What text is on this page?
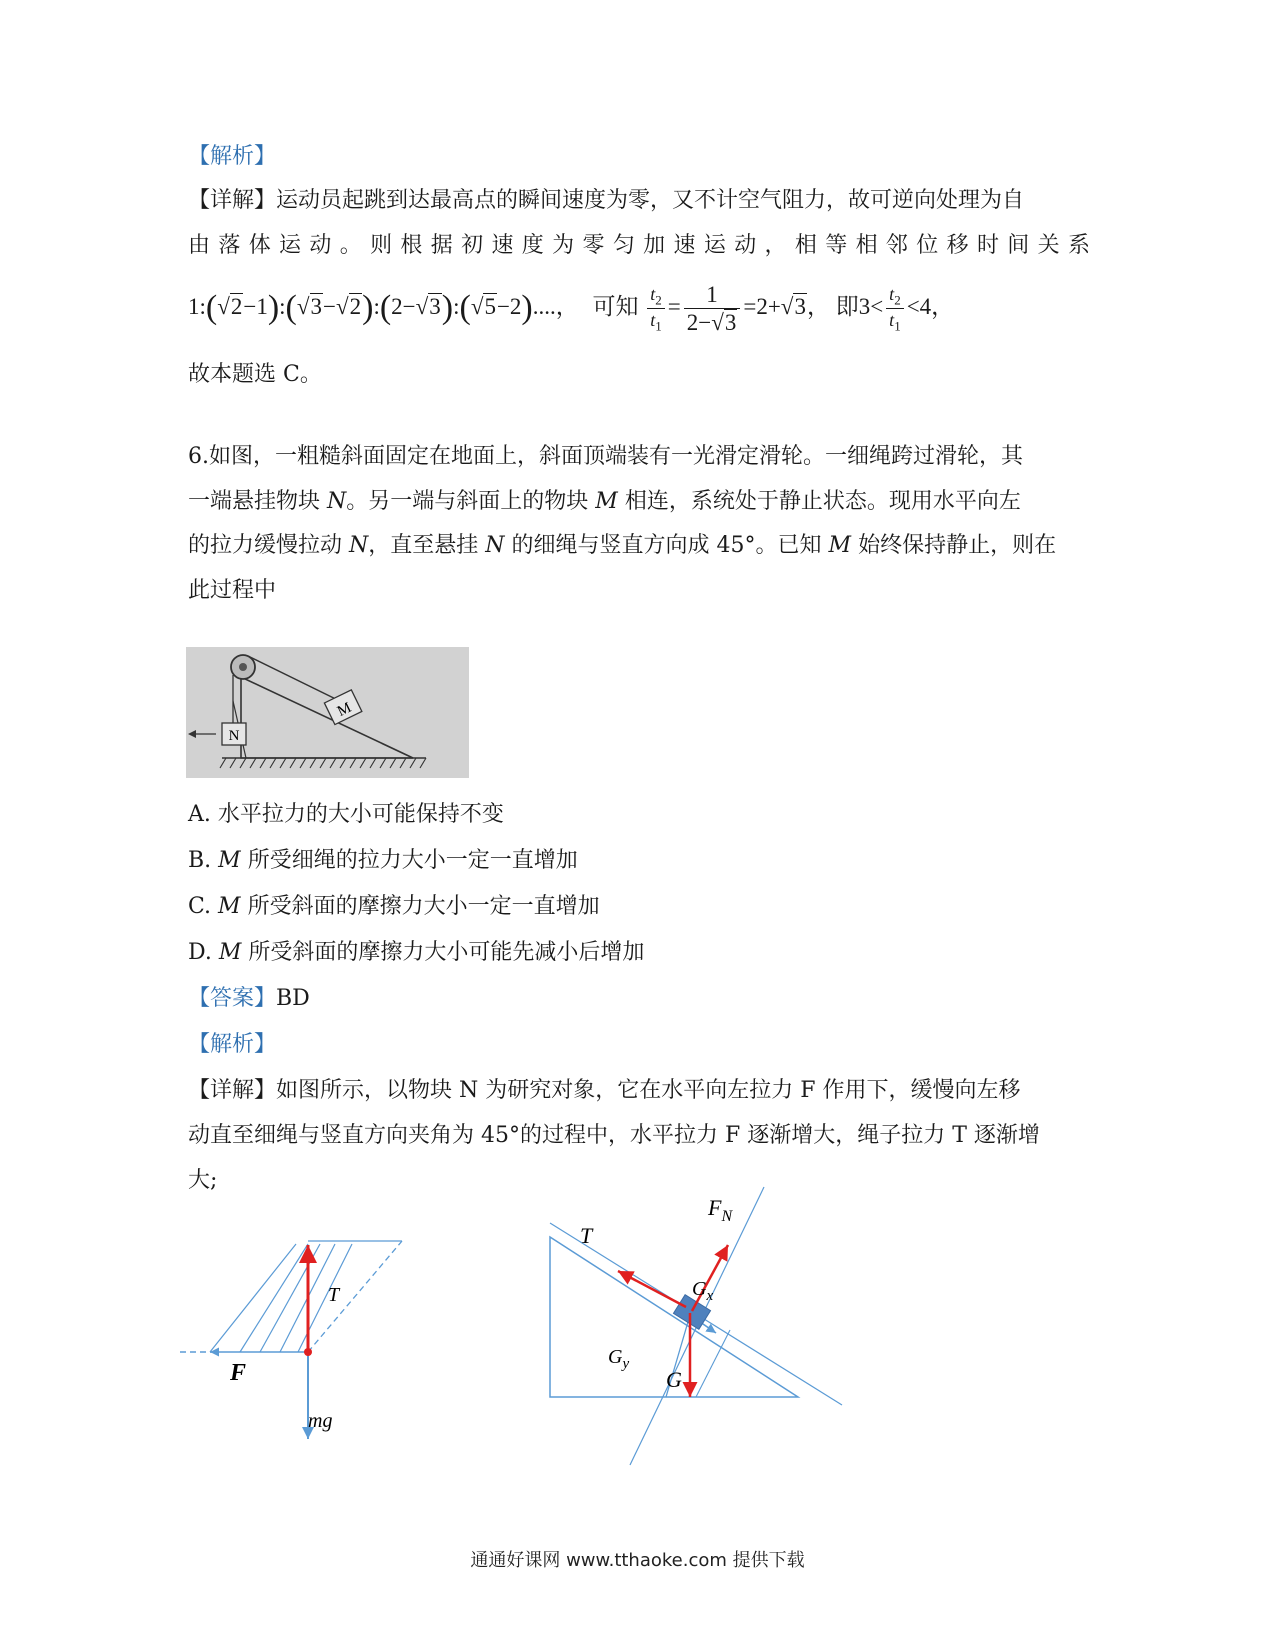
【解析】
【详解】运动员起跳到达最高点的瞬间速度为零，又不计空气阻力，故可逆向处理为自
由 落 体 运 动 。 则 根 据 初 速 度 为 零 匀 加 速 运 动 ， 相 等 相 邻 位 移 时 间 关 系
1:(√2−1):(√3−√2):(2−√3):(√5−2)....， 可知 $\frac{t_2}{t_1} = \frac{1}{2-√3} =2+√3$， 即$3< \frac{t_2}{t_1} <4$，
故本题选 C。
6.如图，一粗糙斜面固定在地面上，斜面顶端装有一光滑定滑轮。一细绳跨过滑轮，其
一端悬挂物块 N。另一端与斜面上的物块 M 相连，系统处于静止状态。现用水平向左
的拉力缓慢拉动 N，直至悬挂 N 的细绳与竖直方向成 45°。已知 M 始终保持静止，则在
此过程中
M
N
A. 水平拉力的大小可能保持不变
B. M 所受细绳的拉力大小一定一直增加
C. M 所受斜面的摩擦力大小一定一直增加
D. M 所受斜面的摩擦力大小可能先减小后增加
【答案】BD
【解析】
【详解】如图所示，以物块 N 为研究对象，它在水平向左拉力 F 作用下，缓慢向左移
动直至细绳与竖直方向夹角为 45°的过程中，水平拉力 F 逐渐增大，绳子拉力 T 逐渐增
大;
T
F
mg
$F_N$
T
$G_x$
$G_y$
G
通通好课网 www.tthaoke.com 提供下载
